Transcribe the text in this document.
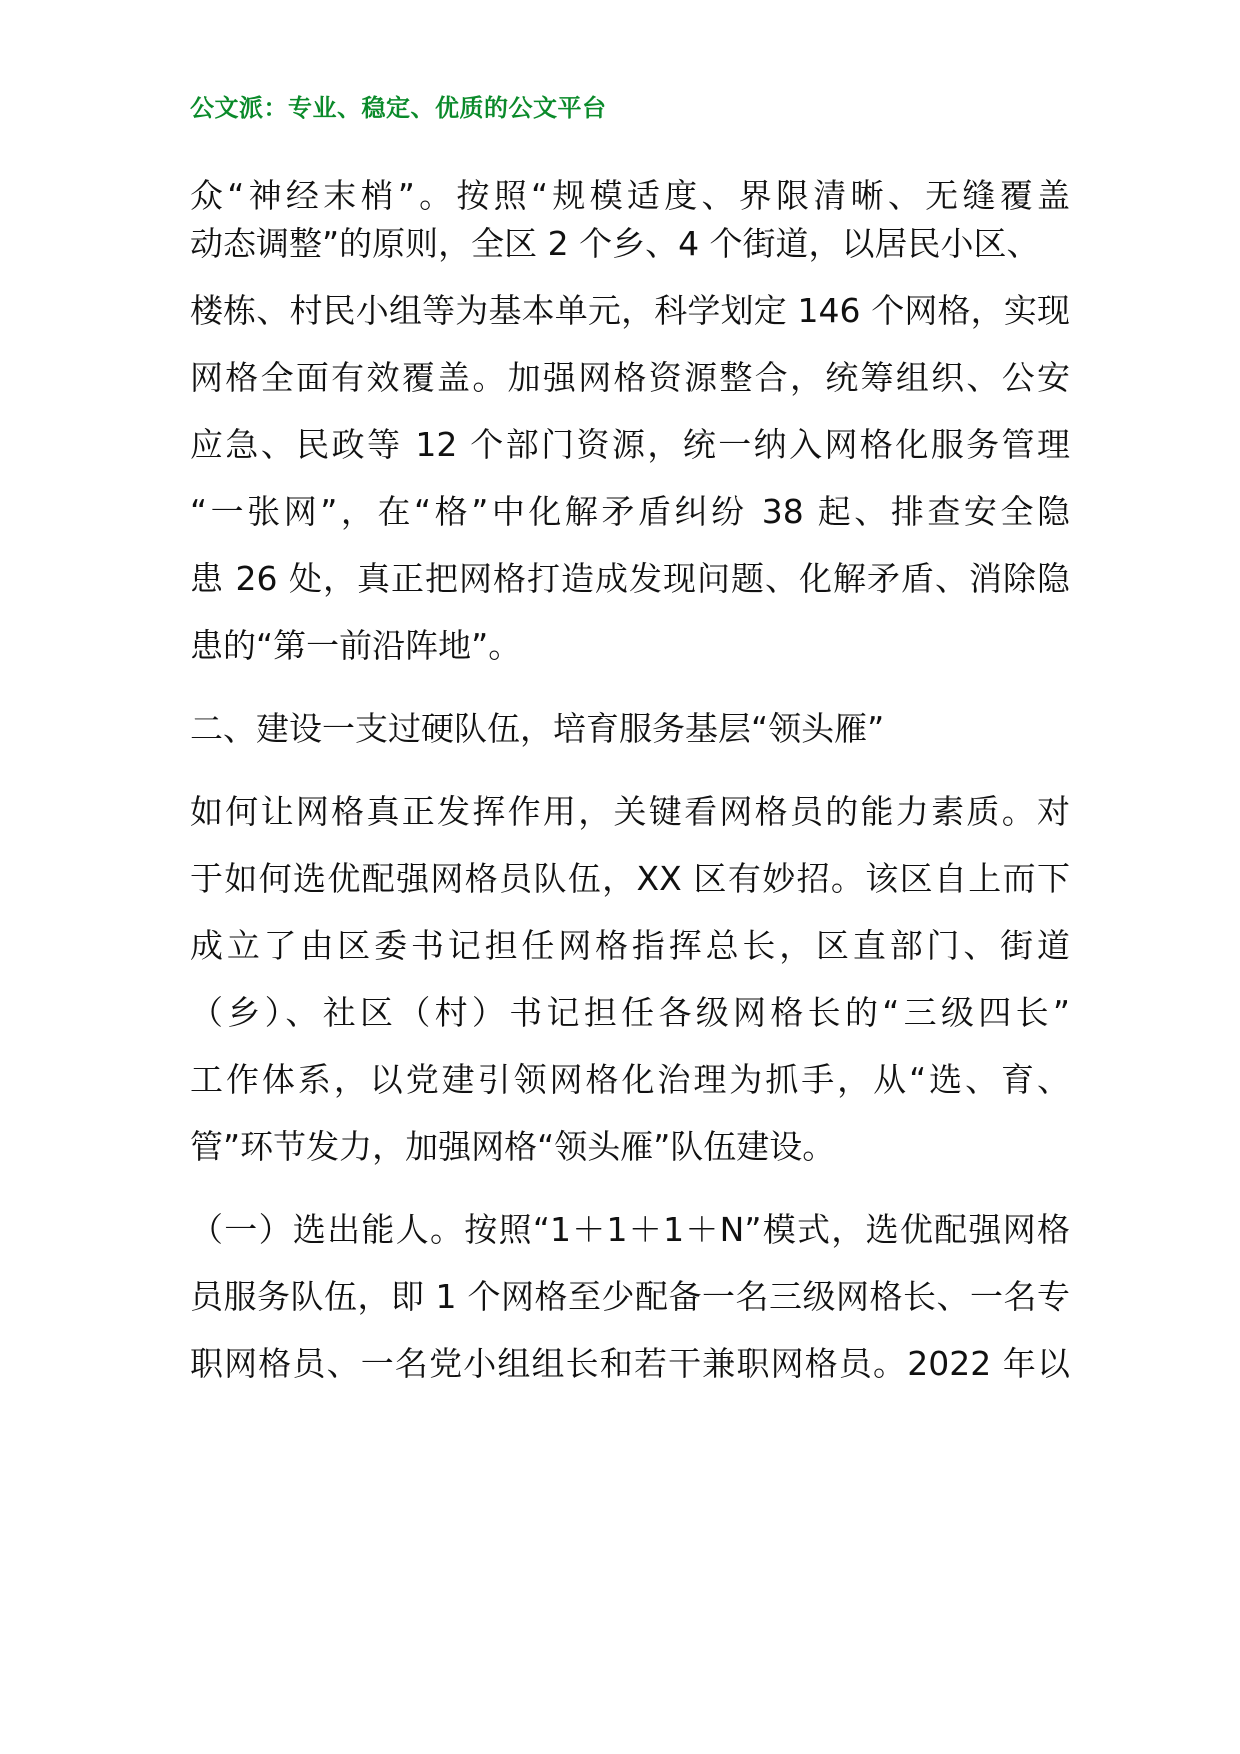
公文派：专业、稳定、优质的公文平台
众“神经末梢”。按照“规模适度、界限清晰、无缝覆盖
动态调整”的原则，全区 2 个乡、4 个街道，以居民小区、
楼栋、村民小组等为基本单元，科学划定 146 个网格，实现
网格全面有效覆盖。加强网格资源整合，统筹组织、公安
应急、民政等 12 个部门资源，统一纳入网格化服务管理
“一张网”，在“格”中化解矛盾纠纷 38 起、排查安全隐
患 26 处，真正把网格打造成发现问题、化解矛盾、消除隐
患的“第一前沿阵地”。
二、建设一支过硬队伍，培育服务基层“领头雁”
如何让网格真正发挥作用，关键看网格员的能力素质。对
于如何选优配强网格员队伍，XX 区有妙招。该区自上而下
成立了由区委书记担任网格指挥总长，区直部门、街道
（乡）、社区（村）书记担任各级网格长的“三级四长”
工作体系，以党建引领网格化治理为抓手，从“选、育、
管”环节发力，加强网格“领头雁”队伍建设。
（一）选出能人。按照“1＋1＋1＋N”模式，选优配强网格
员服务队伍，即 1 个网格至少配备一名三级网格长、一名专
职网格员、一名党小组组长和若干兼职网格员。2022 年以
